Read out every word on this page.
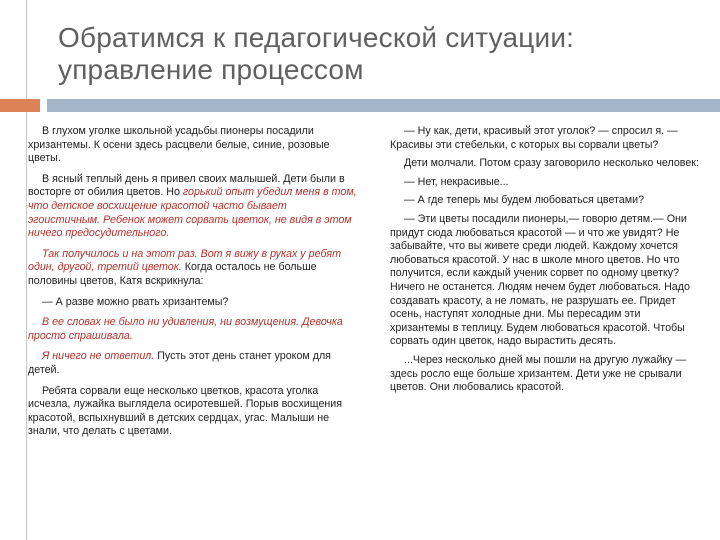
Обратимся к педагогической ситуации:
управление процессом

В глухом уголке школьной усадьбы пионеры посадили хризантемы. К осени здесь расцвели белые, синие, розовые цветы.

В ясный теплый день я привел своих малышей. Дети были в восторге от обилия цветов. Но горький опыт убедил меня в том, что детское восхищение красотой часто бывает эгоистичным. Ребенок может сорвать цветок, не видя в этом ничего предосудительного.

Так получилось и на этот раз. Вот я вижу в руках у ребят один, другой, третий цветок. Когда осталось не больше половины цветов, Катя вскрикнула:

— А разве можно рвать хризантемы?

В ее словах не было ни удивления, ни возмущения. Девочка просто спрашивала.

Я ничего не ответил. Пусть этот день станет уроком для детей.

Ребята сорвали еще несколько цветков, красота уголка исчезла, лужайка выглядела осиротевшей. Порыв восхищения красотой, вспыхнувший в детских сердцах, угас. Малыши не знали, что делать с цветами.

— Ну как, дети, красивый этот уголок? — спросил я. — Красивы эти стебельки, с которых вы сорвали цветы?

Дети молчали. Потом сразу заговорило несколько человек:

— Нет, некрасивые...

— А где теперь мы будем любоваться цветами?

— Эти цветы посадили пионеры,— говорю детям.— Они придут сюда любоваться красотой — и что же увидят? Не забывайте, что вы живете среди людей. Каждому хочется любоваться красотой. У нас в школе много цветов. Но что получится, если каждый ученик сорвет по одному цветку? Ничего не останется. Людям нечем будет любоваться. Надо создавать красоту, а не ломать, не разрушать ее. Придет осень, наступят холодные дни. Мы пересадим эти хризантемы в теплицу. Будем любоваться красотой. Чтобы сорвать один цветок, надо вырастить десять.

...Через несколько дней мы пошли на другую лужайку — здесь росло еще больше хризантем. Дети уже не срывали цветов. Они любовались красотой.
